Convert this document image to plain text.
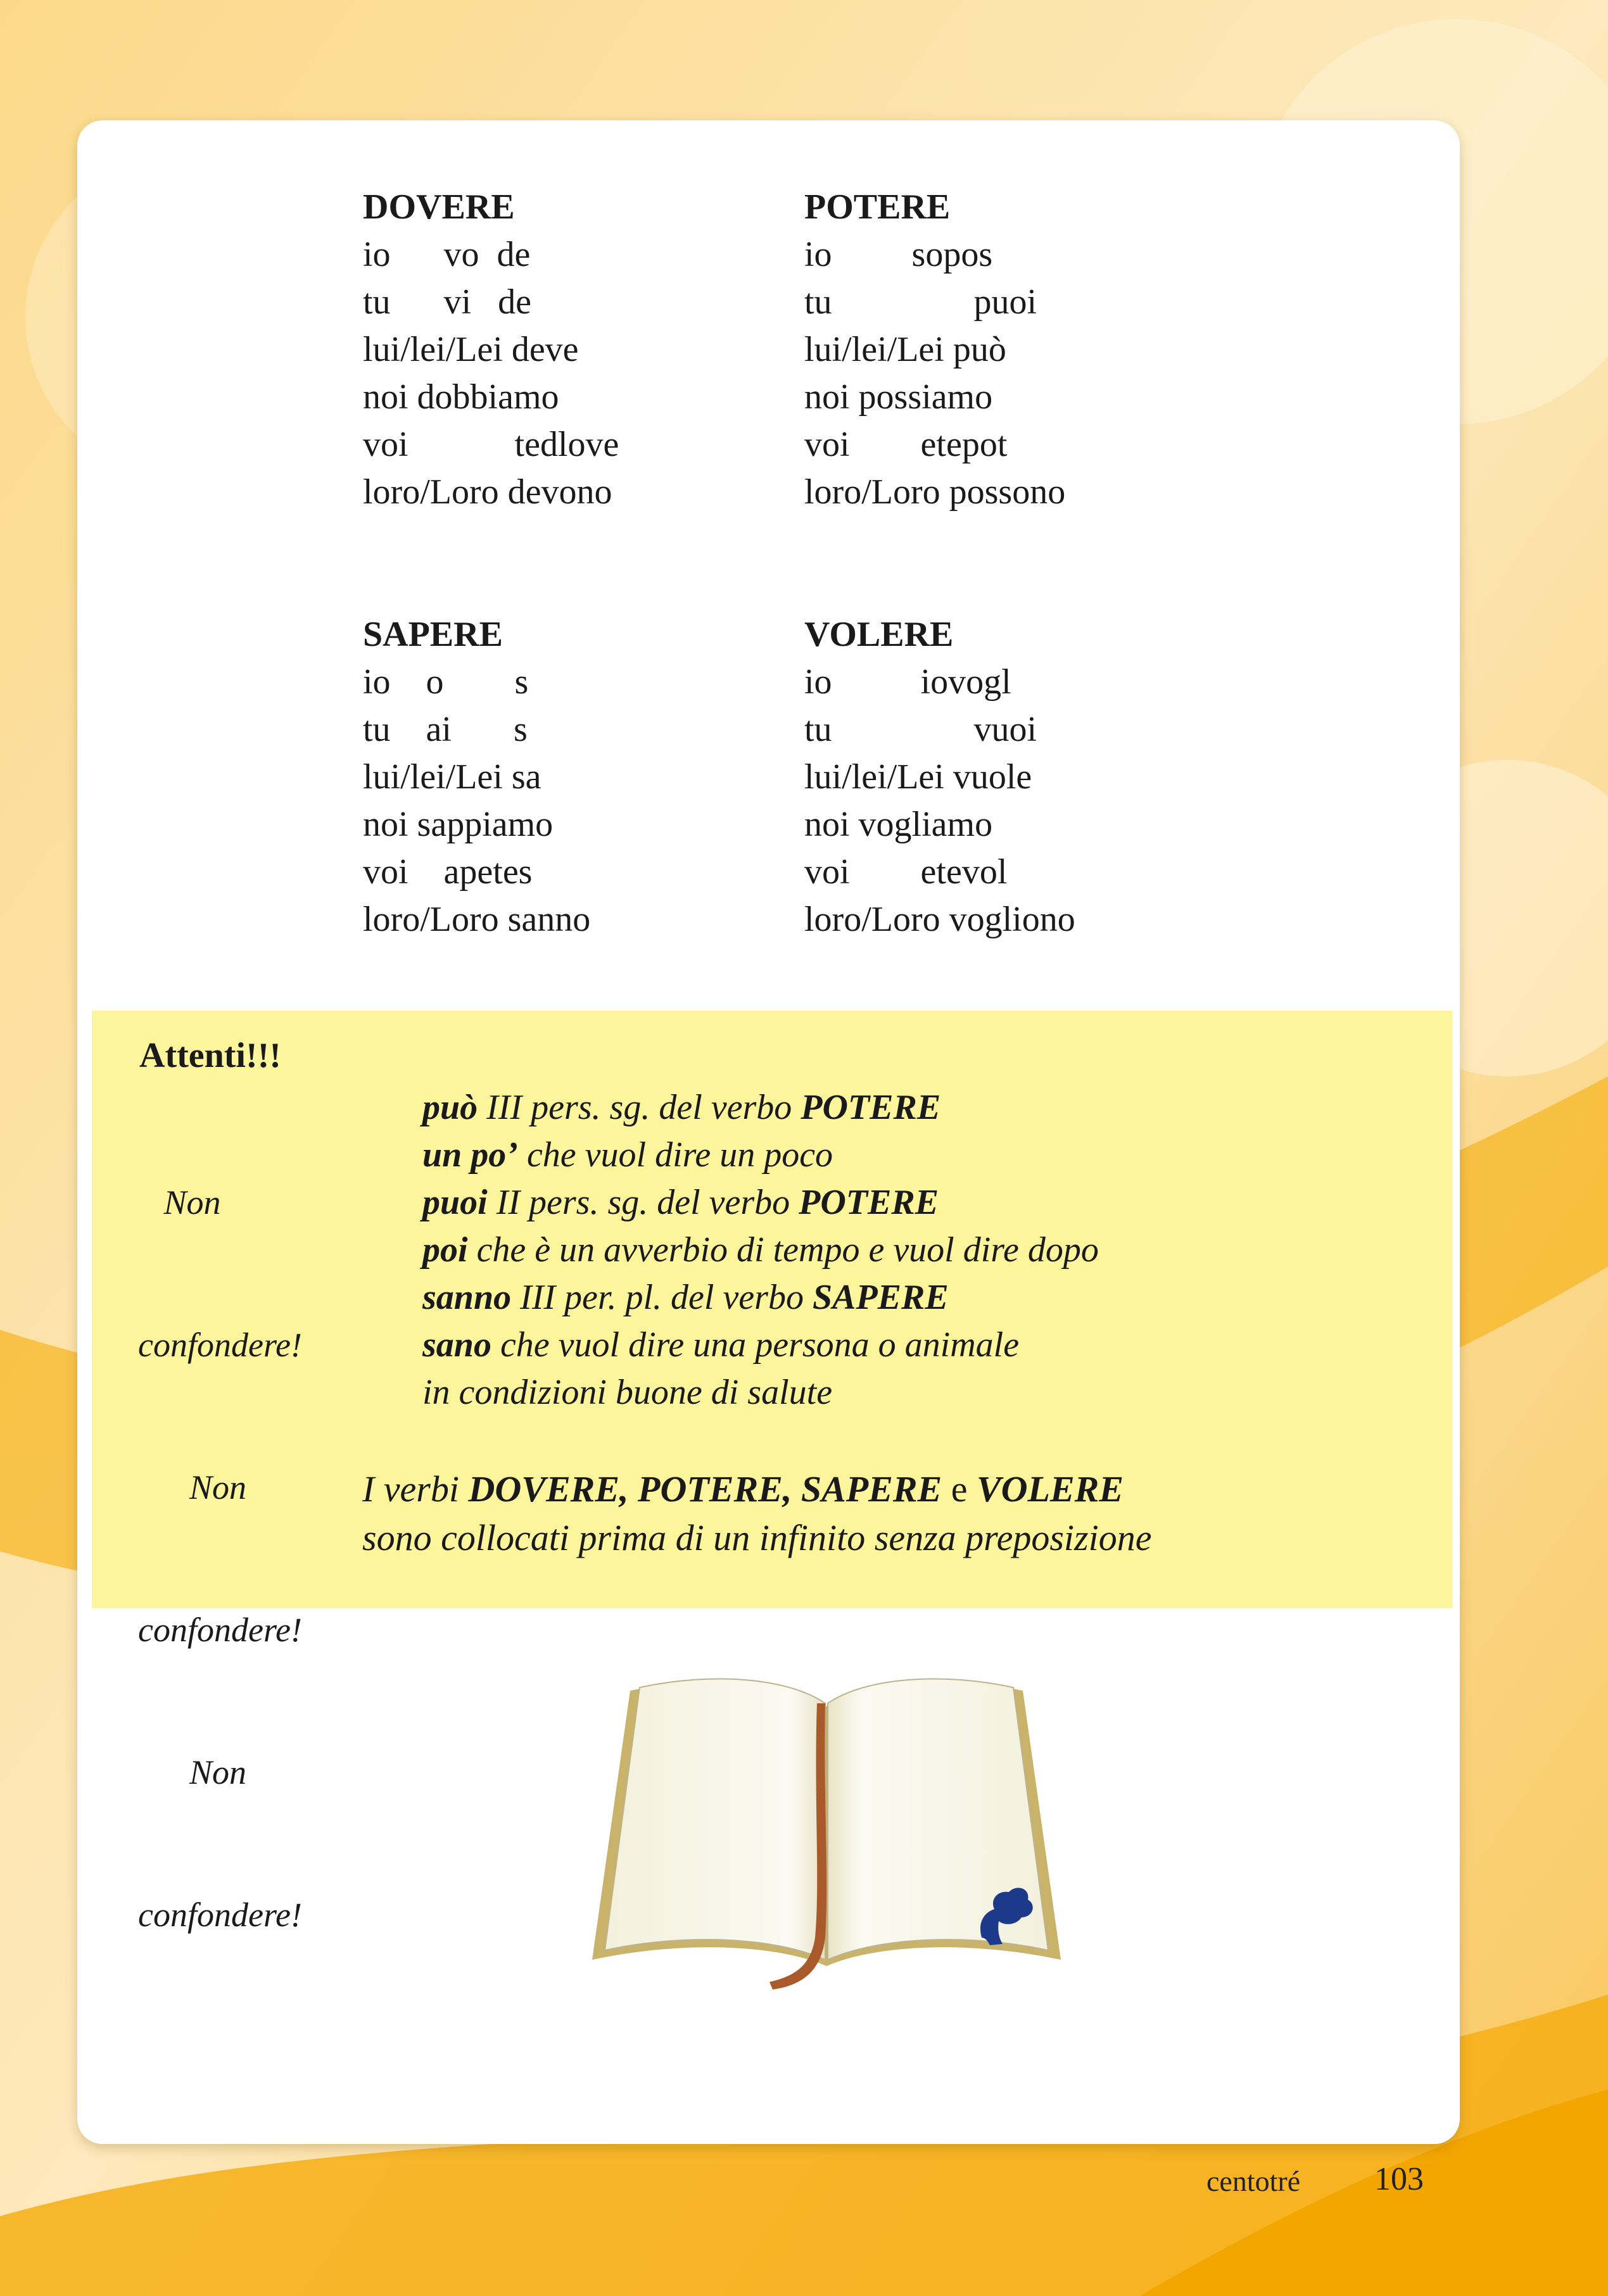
DOVERE
io      vo  de
tu      vi   de
lui/lei/Lei deve
noi dobbiamo
voi            tedlove
loro/Loro devono
POTERE
io         sopos
tu                puoi
lui/lei/Lei può
noi possiamo
voi        etepot
loro/Loro possono
SAPERE
io    o        s
tu    ai       s
lui/lei/Lei sa
noi sappiamo
voi    apetes
loro/Loro sanno
VOLERE
io          iovogl
tu                vuoi
lui/lei/Lei vuole
noi vogliamo
voi        etevol
loro/Loro vogliono
Attenti!!!

Non

confondere!

Non

confondere!

Non

confondere!

può III pers. sg. del verbo POTERE
un po’ che vuol dire un poco
puoi II pers. sg. del verbo POTERE
poi che è un avverbio di tempo e vuol dire dopo
sanno III per. pl. del verbo SAPERE
sano che vuol dire una persona o animale
in condizioni buone di salute
I verbi DOVERE, POTERE, SAPERE e VOLERE
sono collocati prima di un infinito senza preposizione
centotré 103
